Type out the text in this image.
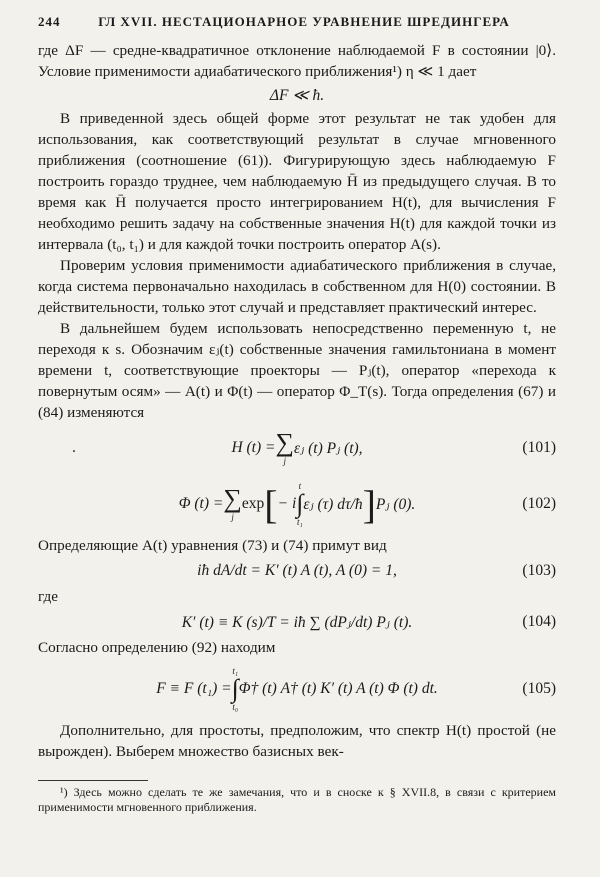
244	ГЛ XVII. НЕСТАЦИОНАРНОЕ УРАВНЕНИЕ ШРЕДИНГЕРА

где ΔF — средне-квадратичное отклонение наблюдаемой F в состоянии |0⟩. Условие применимости адиабатического приближения¹) η ≪ 1 дает

ΔF ≪ ħ.

В приведенной здесь общей форме этот результат не так удобен для использования, как соответствующий результат в случае мгновенного приближения (соотношение (61)). Фигурирующую здесь наблюдаемую F построить гораздо труднее, чем наблюдаемую H̄ из предыдущего случая. В то время как H̄ получается просто интегрированием H(t), для вычисления F необходимо решить задачу на собственные значения H(t) для каждой точки из интервала (t₀, t₁) и для каждой точки построить оператор A(s).

Проверим условия применимости адиабатического приближения в случае, когда система первоначально находилась в собственном для H(0) состоянии. В действительности, только этот случай и представляет практический интерес.

В дальнейшем будем использовать непосредственно переменную t, не переходя к s. Обозначим εⱼ(t) собственные значения гамильтониана в момент времени t, соответствующие проекторы — Pⱼ(t), оператор «перехода к повернутым осям» — A(t) и Φ(t) — оператор Φ_T(s). Тогда определения (67) и (84) изменяются

.	H (t) = ∑
j
εⱼ (t) Pⱼ (t),	(101)
Φ (t) = ∑
j
exp [ − i
t
∫
t₁
εⱼ (τ) dτ/ħ ] Pⱼ (0).	(102)

Определяющие A(t) уравнения (73) и (74) примут вид

iħ dA/dt = K′ (t) A (t), A (0) = 1,	(103)

где

K′ (t) ≡ K (s)/T = iħ ∑ (dPⱼ/dt) Pⱼ (t).	(104)

Согласно определению (92) находим

F ≡ F (t₁) =
t₁
∫
t₀
Φ† (t) A† (t) K′ (t) A (t) Φ (t) dt.	(105)

Дополнительно, для простоты, предположим, что спектр H(t) простой (не вырожден). Выберем множество базисных век-

¹) Здесь можно сделать те же замечания, что и в сноске к § XVII.8, в связи с критерием применимости мгновенного приближения.
